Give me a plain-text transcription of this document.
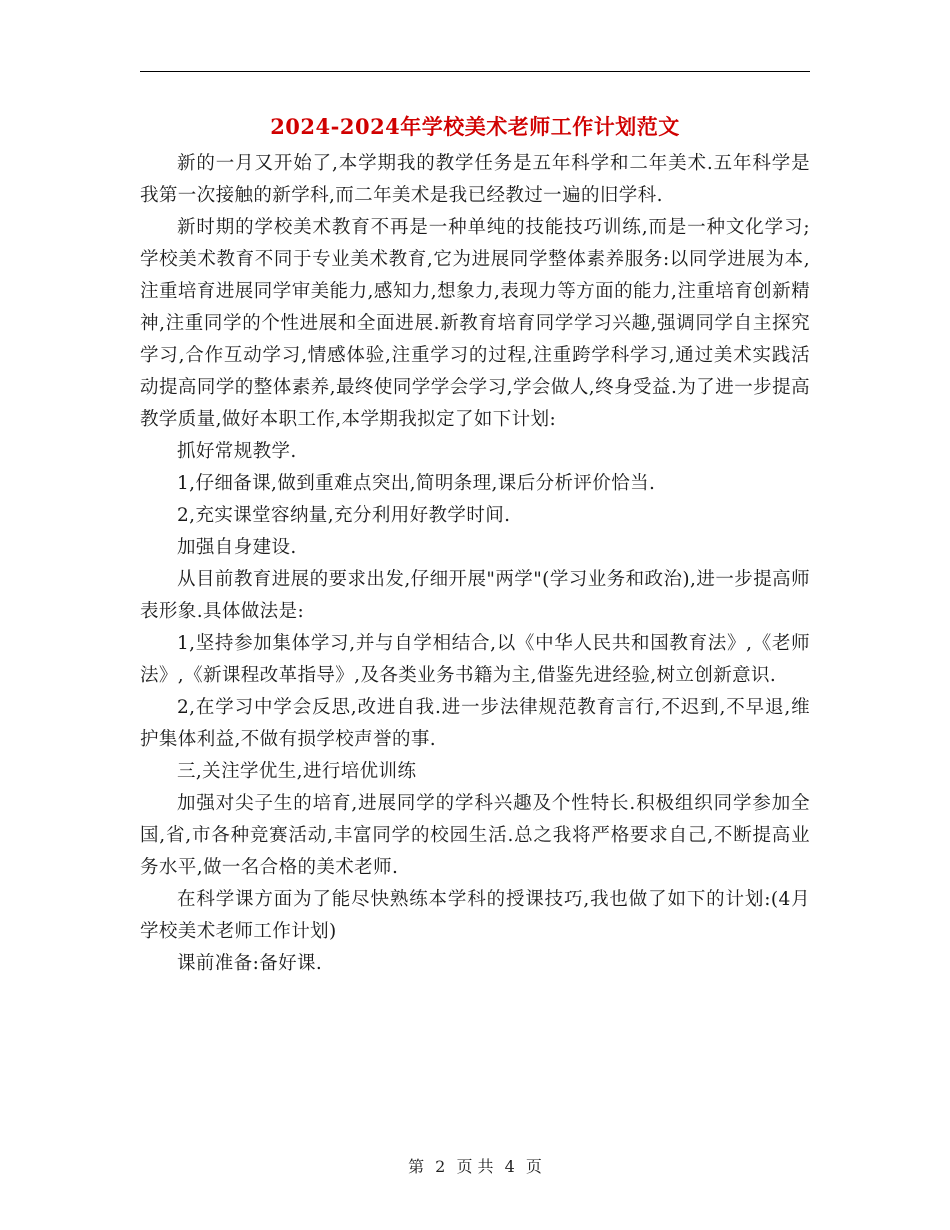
2024-2024年学校美术老师工作计划范文

新的一月又开始了,本学期我的教学任务是五年科学和二年美术.五年科学是我第一次接触的新学科,而二年美术是我已经教过一遍的旧学科.

新时期的学校美术教育不再是一种单纯的技能技巧训练,而是一种文化学习;学校美术教育不同于专业美术教育,它为进展同学整体素养服务:以同学进展为本,注重培育进展同学审美能力,感知力,想象力,表现力等方面的能力,注重培育创新精神,注重同学的个性进展和全面进展.新教育培育同学学习兴趣,强调同学自主探究学习,合作互动学习,情感体验,注重学习的过程,注重跨学科学习,通过美术实践活动提高同学的整体素养,最终使同学学会学习,学会做人,终身受益.为了进一步提高教学质量,做好本职工作,本学期我拟定了如下计划:

抓好常规教学.

1,仔细备课,做到重难点突出,简明条理,课后分析评价恰当.

2,充实课堂容纳量,充分利用好教学时间.

加强自身建设.

从目前教育进展的要求出发,仔细开展"两学"(学习业务和政治),进一步提高师表形象.具体做法是:

1,坚持参加集体学习,并与自学相结合,以《中华人民共和国教育法》,《老师法》,《新课程改革指导》,及各类业务书籍为主,借鉴先进经验,树立创新意识.

2,在学习中学会反思,改进自我.进一步法律规范教育言行,不迟到,不早退,维护集体利益,不做有损学校声誉的事.

三,关注学优生,进行培优训练

加强对尖子生的培育,进展同学的学科兴趣及个性特长.积极组织同学参加全国,省,市各种竞赛活动,丰富同学的校园生活.总之我将严格要求自己,不断提高业务水平,做一名合格的美术老师.

在科学课方面为了能尽快熟练本学科的授课技巧,我也做了如下的计划:(4月学校美术老师工作计划)

课前准备:备好课.

第 2 页 共 4 页
